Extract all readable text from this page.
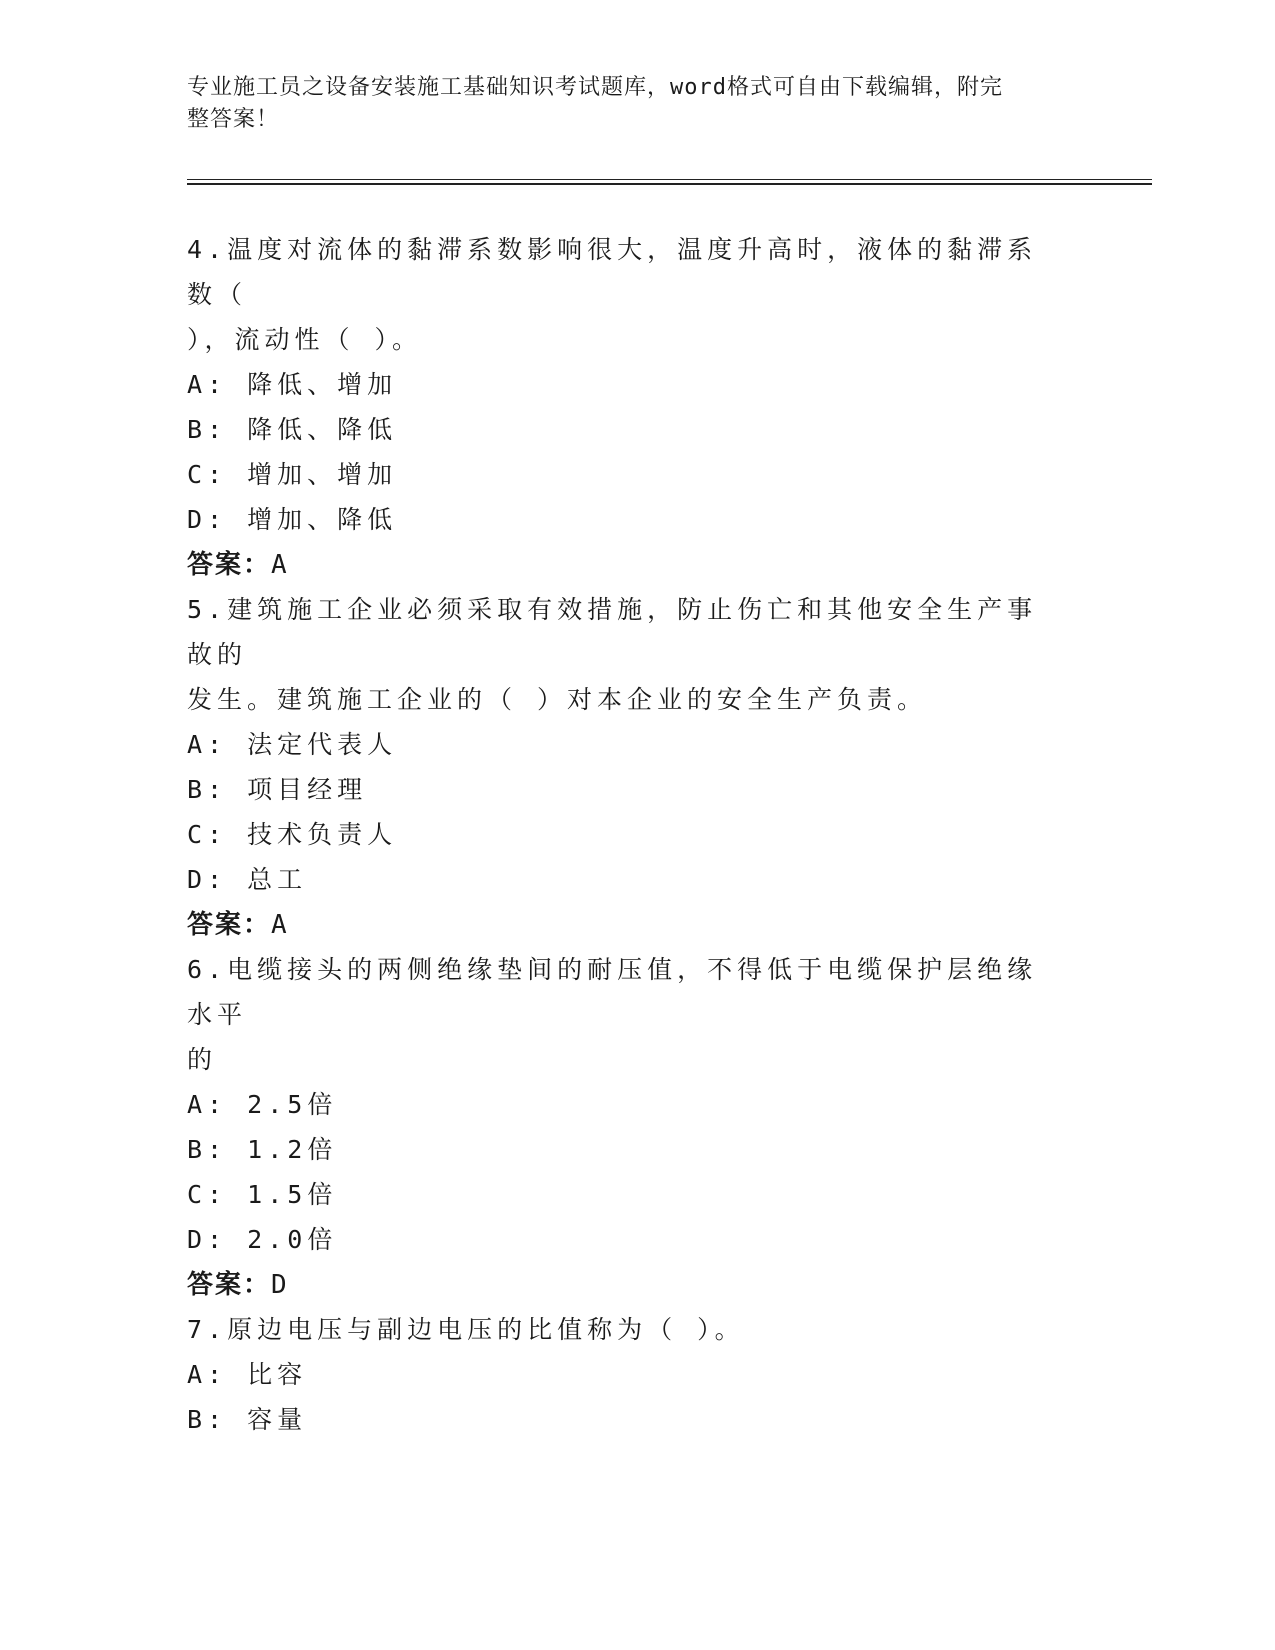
专业施工员之设备安装施工基础知识考试题库，word格式可自由下载编辑，附完
整答案！

4.温度对流体的黏滞系数影响很大，温度升高时，液体的黏滞系数（

），流动性（ ）。

A: 降低、增加

B: 降低、降低

C: 增加、增加

D: 增加、降低

答案：A

5.建筑施工企业必须采取有效措施，防止伤亡和其他安全生产事故的

发生。建筑施工企业的（ ）对本企业的安全生产负责。

A: 法定代表人

B: 项目经理

C: 技术负责人

D: 总工

答案：A

6.电缆接头的两侧绝缘垫间的耐压值，不得低于电缆保护层绝缘水平

的

A: 2.5倍

B: 1.2倍

C: 1.5倍

D: 2.0倍

答案：D

7.原边电压与副边电压的比值称为（ ）。

A: 比容

B: 容量
